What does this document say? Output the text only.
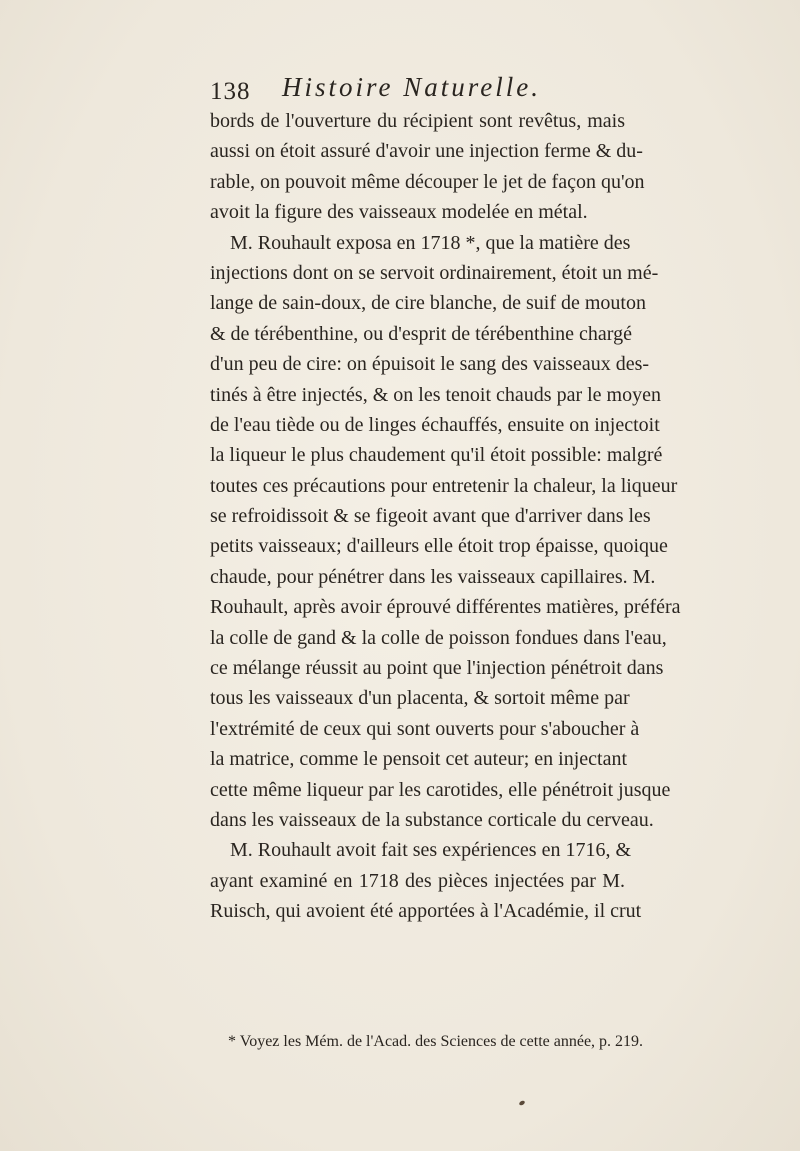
138 Histoire Naturelle.
bords de l'ouverture du récipient sont revêtus, mais
aussi on étoit assuré d'avoir une injection ferme & du-
rable, on pouvoit même découper le jet de façon qu'on
avoit la figure des vaisseaux modelée en métal.
M. Rouhault exposa en 1718 *, que la matière des
injections dont on se servoit ordinairement, étoit un mé-
lange de sain-doux, de cire blanche, de suif de mouton
& de térébenthine, ou d'esprit de térébenthine chargé
d'un peu de cire: on épuisoit le sang des vaisseaux des-
tinés à être injectés, & on les tenoit chauds par le moyen
de l'eau tiède ou de linges échauffés, ensuite on injectoit
la liqueur le plus chaudement qu'il étoit possible: malgré
toutes ces précautions pour entretenir la chaleur, la liqueur
se refroidissoit & se figeoit avant que d'arriver dans les
petits vaisseaux; d'ailleurs elle étoit trop épaisse, quoique
chaude, pour pénétrer dans les vaisseaux capillaires. M.
Rouhault, après avoir éprouvé différentes matières, préféra
la colle de gand & la colle de poisson fondues dans l'eau,
ce mélange réussit au point que l'injection pénétroit dans
tous les vaisseaux d'un placenta, & sortoit même par
l'extrémité de ceux qui sont ouverts pour s'aboucher à
la matrice, comme le pensoit cet auteur; en injectant
cette même liqueur par les carotides, elle pénétroit jusque
dans les vaisseaux de la substance corticale du cerveau.
M. Rouhault avoit fait ses expériences en 1716, &
ayant examiné en 1718 des pièces injectées par M.
Ruisch, qui avoient été apportées à l'Académie, il crut
* Voyez les Mém. de l'Acad. des Sciences de cette année, p. 219.
